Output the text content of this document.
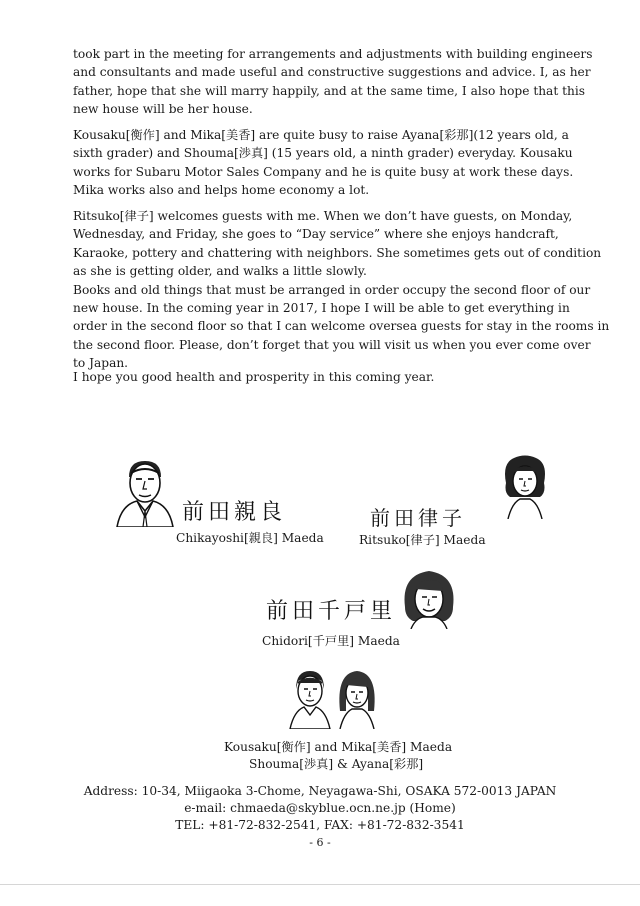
took part in the meeting for arrangements and adjustments with building engineers
and consultants and made useful and constructive suggestions and advice. I, as her
father, hope that she will marry happily, and at the same time, I also hope that this
new house will be her house.
Kousaku[衡作] and Mika[美香] are quite busy to raise Ayana[彩那](12 years old, a
sixth grader) and Shouma[渉真] (15 years old, a ninth grader) everyday. Kousaku
works for Subaru Motor Sales Company and he is quite busy at work these days.
Mika works also and helps home economy a lot.
Ritsuko[律子] welcomes guests with me. When we don’t have guests, on Monday,
Wednesday, and Friday, she goes to “Day service” where she enjoys handcraft,
Karaoke, pottery and chattering with neighbors. She sometimes gets out of condition
as she is getting older, and walks a little slowly.
Books and old things that must be arranged in order occupy the second floor of our
new house. In the coming year in 2017, I hope I will be able to get everything in
order in the second floor so that I can welcome oversea guests for stay in the rooms in
the second floor. Please, don’t forget that you will visit us when you ever come over
to Japan.
I hope you good health and prosperity in this coming year.
前田親良
Chikayoshi[親良] Maeda
前田律子
Ritsuko[律子] Maeda
前田千戸里
Chidori[千戸里] Maeda
Kousaku[衡作] and Mika[美香] Maeda
Shouma[渉真] & Ayana[彩那]
Address: 10-34, Miigaoka 3-Chome, Neyagawa-Shi, OSAKA 572-0013 JAPAN
e-mail: chmaeda@skyblue.ocn.ne.jp (Home)
TEL: +81-72-832-2541, FAX: +81-72-832-3541
- 6 -
